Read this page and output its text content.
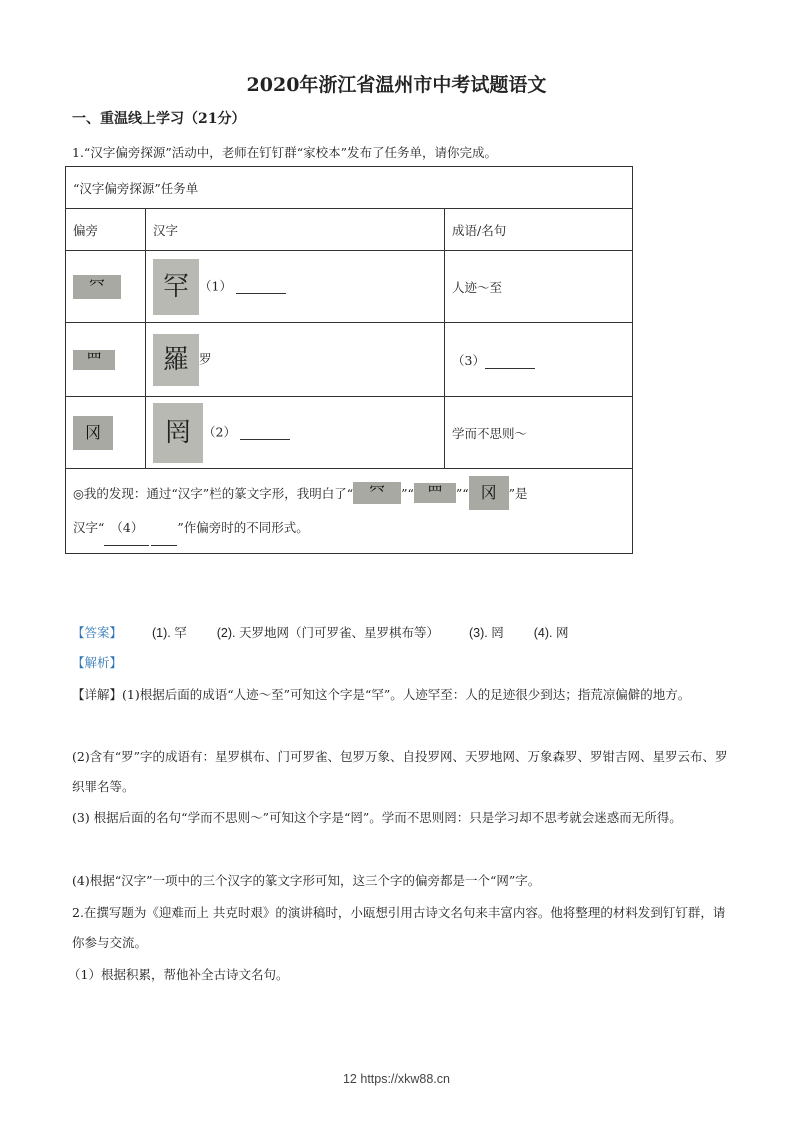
2020年浙江省温州市中考试题语文
一、重温线上学习（21分）
1.“汉字偏旁探源”活动中，老师在钉钉群“家校本”发布了任务单，请你完成。
“汉字偏旁探源”任务单		
偏旁	汉字	成语/名句
⺳	罕 （1）	人迹～至
罒	羅 罗	（3）
冈	罔 （2）	学而不思则～
◎我的发现：通过“汉字”栏的篆文字形，我明白了“ ⺳ ”“ 罒 ”“ 冈 ”是
汉字“ （4） ”作偏旁时的不同形式。		
【答案】 (1). 罕 (2). 天罗地网（门可罗雀、星罗棋布等） (3). 罔 (4). 网
【解析】
【详解】(1)根据后面的成语“人迹～至”可知这个字是“罕”。人迹罕至：人的足迹很少到达；指荒凉偏僻的地方。
(2)含有“罗”字的成语有：星罗棋布、门可罗雀、包罗万象、自投罗网、天罗地网、万象森罗、罗钳吉网、星罗云布、罗织罪名等。
(3) 根据后面的名句“学而不思则～”可知这个字是“罔”。学而不思则罔：只是学习却不思考就会迷惑而无所得。
(4)根据“汉字”一项中的三个汉字的篆文字形可知，这三个字的偏旁都是一个“网”字。
2.在撰写题为《迎难而上 共克时艰》的演讲稿时，小瓯想引用古诗文名句来丰富内容。他将整理的材料发到钉钉群，请你参与交流。
（1）根据积累，帮他补全古诗文名句。
12 https://xkw88.cn
